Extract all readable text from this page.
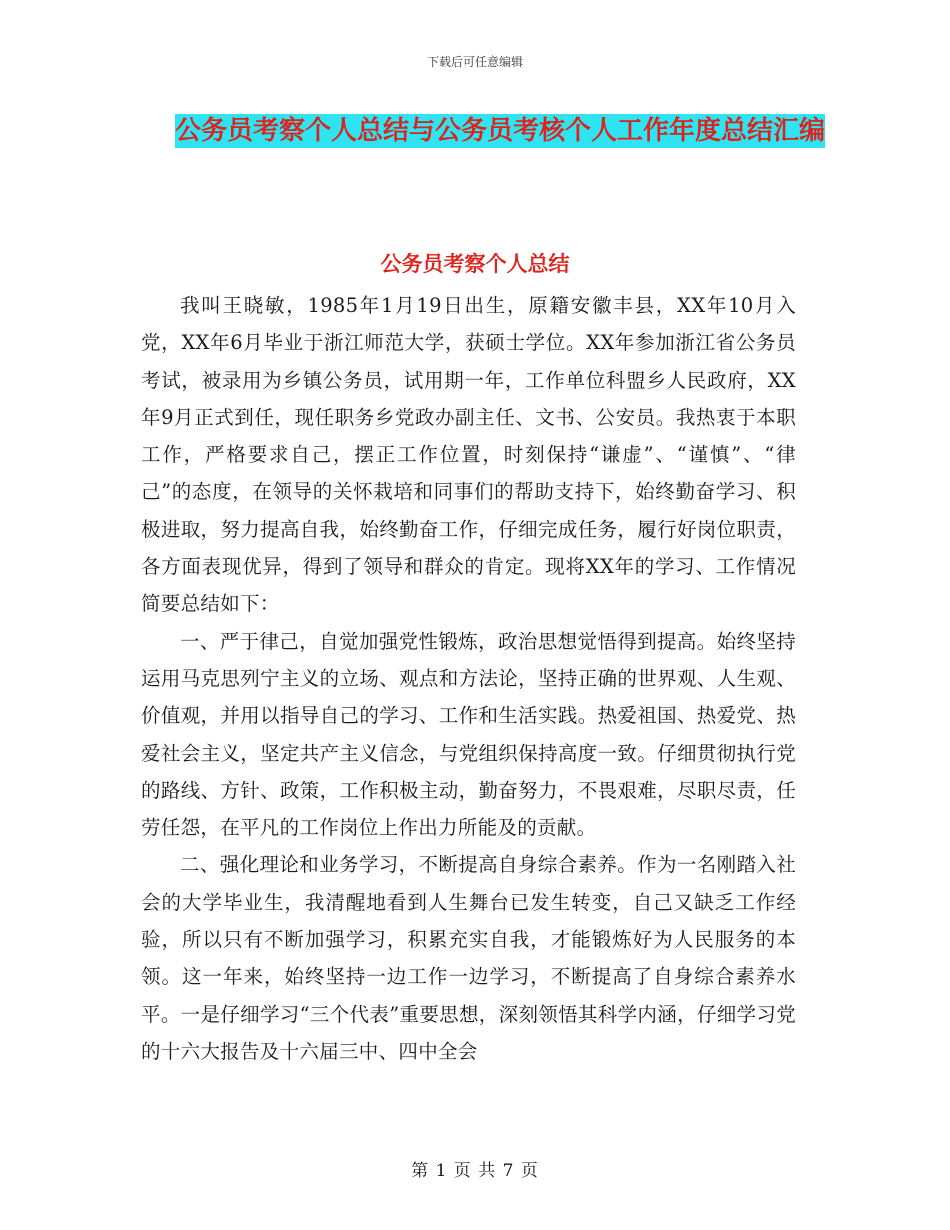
下载后可任意编辑
公务员考察个人总结与公务员考核个人工作年度总结汇编
公务员考察个人总结

我叫王晓敏，1985年1月19日出生，原籍安徽丰县，XX年10月入党，XX年6月毕业于浙江师范大学，获硕士学位。XX年参加浙江省公务员考试，被录用为乡镇公务员，试用期一年，工作单位科盟乡人民政府，XX年9月正式到任，现任职务乡党政办副主任、文书、公安员。我热衷于本职工作，严格要求自己，摆正工作位置，时刻保持“谦虚”、“谨慎”、“律己”的态度，在领导的关怀栽培和同事们的帮助支持下，始终勤奋学习、积极进取，努力提高自我，始终勤奋工作，仔细完成任务，履行好岗位职责，各方面表现优异，得到了领导和群众的肯定。现将XX年的学习、工作情况简要总结如下：

一、严于律己，自觉加强党性锻炼，政治思想觉悟得到提高。始终坚持运用马克思列宁主义的立场、观点和方法论，坚持正确的世界观、人生观、价值观，并用以指导自己的学习、工作和生活实践。热爱祖国、热爱党、热爱社会主义，坚定共产主义信念，与党组织保持高度一致。仔细贯彻执行党的路线、方针、政策，工作积极主动，勤奋努力，不畏艰难，尽职尽责，任劳任怨，在平凡的工作岗位上作出力所能及的贡献。

二、强化理论和业务学习，不断提高自身综合素养。作为一名刚踏入社会的大学毕业生，我清醒地看到人生舞台已发生转变，自己又缺乏工作经验，所以只有不断加强学习，积累充实自我，才能锻炼好为人民服务的本领。这一年来，始终坚持一边工作一边学习，不断提高了自身综合素养水平。一是仔细学习“三个代表”重要思想，深刻领悟其科学内涵，仔细学习党的十六大报告及十六届三中、四中全会

第 1 页 共 7 页
